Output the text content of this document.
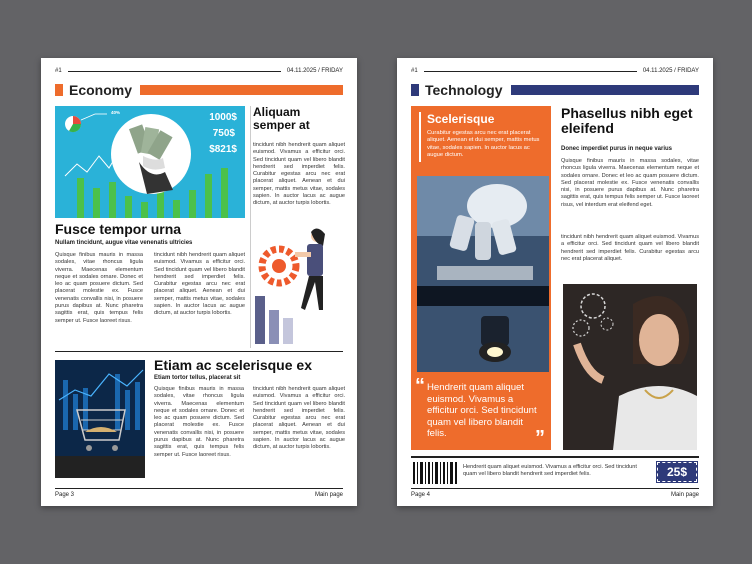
#1	04.11.2025 / FRIDAY
Economy
40%	1000$
750$
$821$
Aliquam semper at
tincidunt nibh hendrerit quam aliquet euismod. Vivamus a efficitur orci. Sed tincidunt quam vel libero blandit hendrerit sed imperdiet felis. Curabitur egestas arcu nec erat placerat aliquet. Aenean et dui semper, mattis metus vitae, sodales sapien. In auctor lacus ac augue dictum, at auctor turpis lobortis.
Fusce tempor urna
Nullam tincidunt, augue vitae venenatis ultricies
Quisque finibus mauris in massa sodales, vitae rhoncus ligula viverra. Maecenas elementum neque et sodales ornare. Donec et leo ac quam posuere dictum. Sed placerat molestie ex. Fusce venenatis convallis nisi, in posuere purus dapibus at. Nunc pharetra sagittis erat, quis tempus felis semper ut. Fusce laoreet risus.
tincidunt nibh hendrerit quam aliquet euismod. Vivamus a efficitur orci. Sed tincidunt quam vel libero blandit hendrerit sed imperdiet felis. Curabitur egestas arcu nec erat placerat aliquet. Aenean et dui semper, mattis metus vitae, sodales sapien. In auctor lacus ac augue dictum, at auctor turpis lobortis.
Etiam ac scelerisque ex
Etiam tortor tellus, placerat sit
Quisque finibus mauris in massa sodales, vitae rhoncus ligula viverra. Maecenas elementum neque et sodales ornare. Donec et leo ac quam posuere dictum. Sed placerat molestie ex. Fusce venenatis convallis nisi, in posuere purus dapibus at. Nunc pharetra sagittis erat, quis tempus felis semper ut. Fusce laoreet risus.
tincidunt nibh hendrerit quam aliquet euismod. Vivamus a efficitur orci. Sed tincidunt quam vel libero blandit hendrerit sed imperdiet felis. Curabitur egestas arcu nec erat placerat aliquet. Aenean et dui semper, mattis metus vitae, sodales sapien. In auctor lacus ac augue dictum, at auctor turpis lobortis.
Page 3	Main page
#1	04.11.2025 / FRIDAY
Technology
Scelerisque
Curabitur egestas arcu nec erat placerat aliquet. Aenean et dui semper, mattis metus vitae, sodales sapien. In auctor lacus ac augue dictum.
“ Hendrerit quam aliquet euismod. Vivamus a efficitur orci. Sed tincidunt quam vel libero blandit felis.	”
Phasellus nibh eget eleifend
Donec imperdiet purus in neque varius
Quisque finibus mauris in massa sodales, vitae rhoncus ligula viverra. Maecenas elementum neque et sodales ornare. Donec et leo ac quam posuere dictum. Sed placerat molestie ex. Fusce venenatis convallis nisi, in posuere purus dapibus at. Nunc pharetra sagittis erat, quis tempus felis semper ut. Fusce laoreet risus, vel interdum erat eleifend eget.
tincidunt nibh hendrerit quam aliquet euismod. Vivamus a efficitur orci. Sed tincidunt quam vel libero blandit hendrerit sed imperdiet felis. Curabitur egestas arcu nec erat placerat aliquet.
Hendrerit quam aliquet euismod. Vivamus a efficitur orci. Sed tincidunt quam vel libero blandit hendrerit sed imperdiet felis.	25$
Page 4	Main page
